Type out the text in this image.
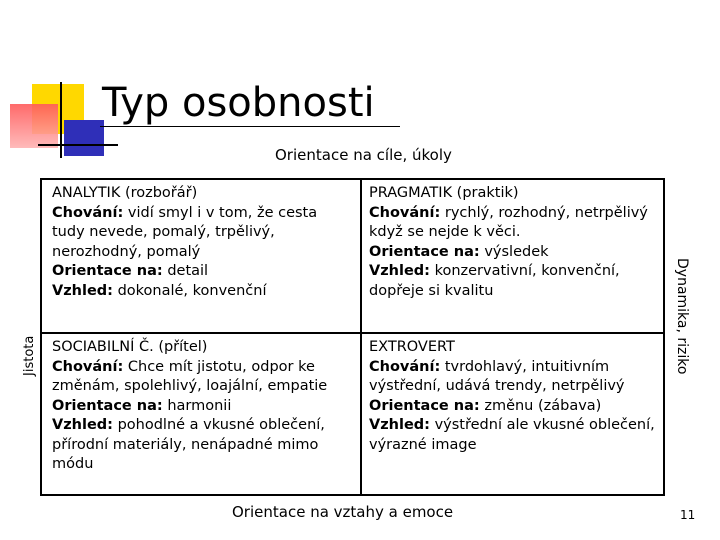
Typ osobnosti
Orientace na cíle, úkoly
Jistota	Dynamika, riziko
ANALYTIK (rozbořář)

Chování: vidí smyl i v tom, že cesta tudy nevede, pomalý, trpělivý, nerozhodný, pomalý

Orientace na: detail

Vzhled: dokonalé, konvenční

PRAGMATIK (praktik)

Chování: rychlý, rozhodný, netrpělivý když se nejde k věci.

Orientace na: výsledek

Vzhled: konzervativní, konvenční, dopřeje si kvalitu

SOCIABILNÍ Č. (přítel)

Chování: Chce mít jistotu, odpor ke změnám, spolehlivý, loajální, empatie

Orientace na: harmonii

Vzhled: pohodlné a vkusné oblečení, přírodní materiály, nenápadné mimo módu

EXTROVERT

Chování: tvrdohlavý, intuitivním výstřední, udává trendy, netrpělivý

Orientace na: změnu (zábava)

Vzhled: výstřední ale vkusné oblečení, výrazné image

Orientace na vztahy a emoce	11
